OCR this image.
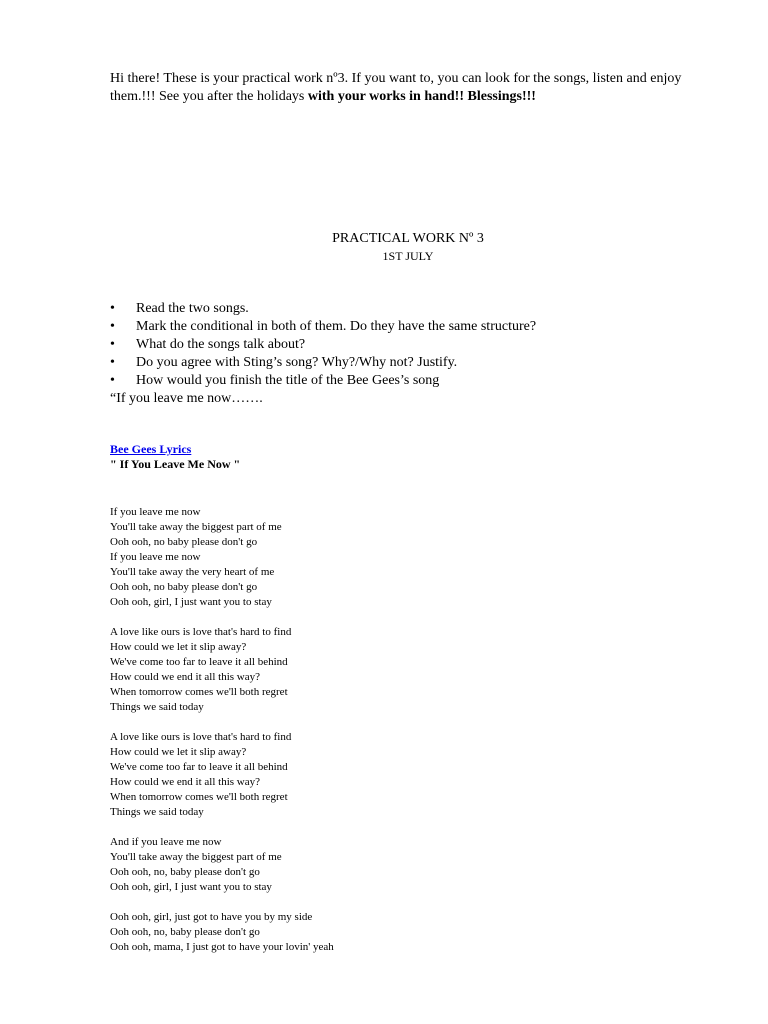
Hi there! These is your practical work nº3. If you want to, you can look for the songs, listen and enjoy them.!!! See you after the holidays with your works in hand!! Blessings!!!
PRACTICAL WORK Nº 3
1ST JULY
• Read the two songs.
• Mark the conditional in both of them. Do they have the same structure?
• What do the songs talk about?
• Do you agree with Sting’s song? Why?/Why not? Justify.
• How would you finish the title of the Bee Gees’s song
“If you leave me now…….
Bee Gees Lyrics
" If You Leave Me Now "
If you leave me now
You'll take away the biggest part of me
Ooh ooh, no baby please don't go
If you leave me now
You'll take away the very heart of me
Ooh ooh, no baby please don't go
Ooh ooh, girl, I just want you to stay
A love like ours is love that's hard to find
How could we let it slip away?
We've come too far to leave it all behind
How could we end it all this way?
When tomorrow comes we'll both regret
Things we said today
A love like ours is love that's hard to find
How could we let it slip away?
We've come too far to leave it all behind
How could we end it all this way?
When tomorrow comes we'll both regret
Things we said today
And if you leave me now
You'll take away the biggest part of me
Ooh ooh, no, baby please don't go
Ooh ooh, girl, I just want you to stay
Ooh ooh, girl, just got to have you by my side
Ooh ooh, no, baby please don't go
Ooh ooh, mama, I just got to have your lovin' yeah
